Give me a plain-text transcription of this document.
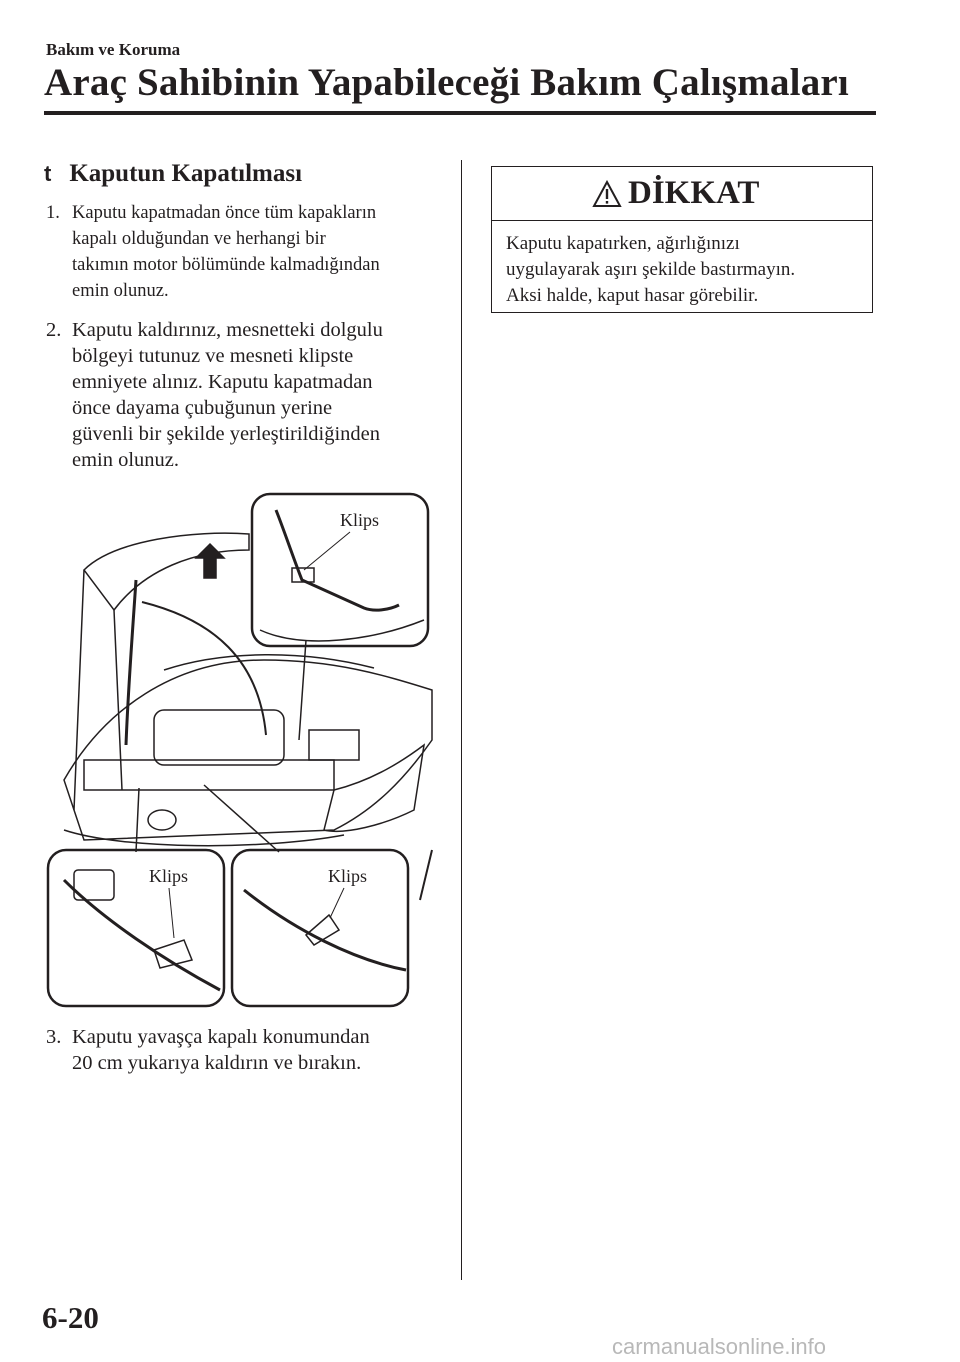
Bakım ve Koruma
Araç Sahibinin Yapabileceği Bakım Çalışmaları
t Kaputun Kapatılması
1. Kaputu kapatmadan önce tüm kapakların
kapalı olduğundan ve herhangi bir
takımın motor bölümünde kalmadığından
emin olunuz.
2. Kaputu kaldırınız, mesnetteki dolgulu
bölgeyi tutunuz ve mesneti klipste
emniyete alınız. Kaputu kapatmadan
önce dayama çubuğunun yerine
güvenli bir şekilde yerleştirildiğinden
emin olunuz.
Klips
Klips	Klips
3. Kaputu yavaşça kapalı konumundan
20 cm yukarıya kaldırın ve bırakın.
DİKKAT
Kaputu kapatırken, ağırlığınızı
uygulayarak aşırı şekilde bastırmayın.
Aksi halde, kaput hasar görebilir.
6-20
carmanualsonline.info
